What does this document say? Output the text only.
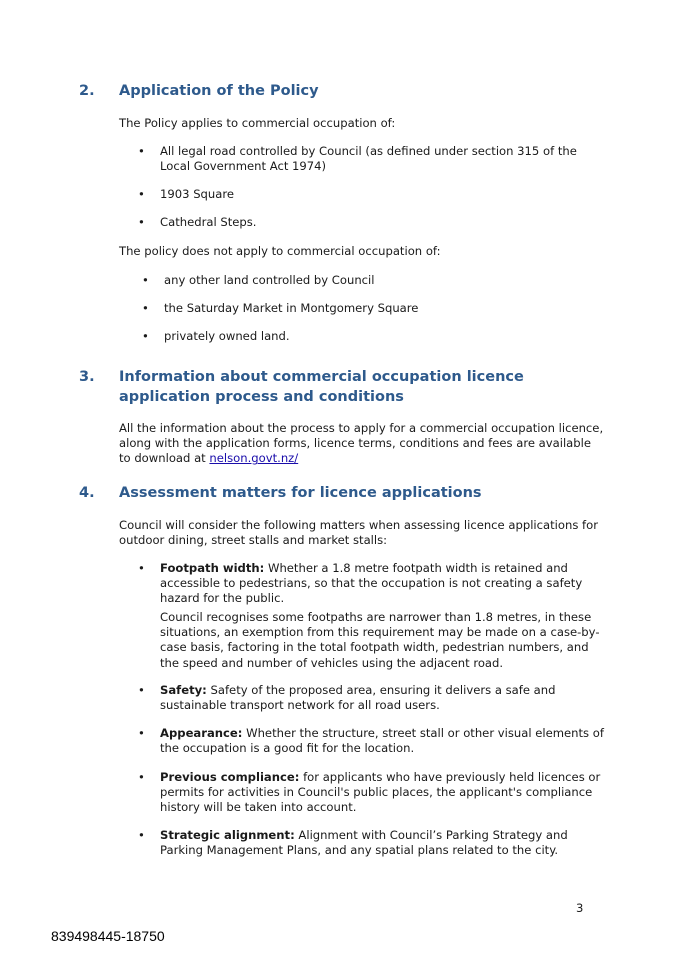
2. Application of the Policy

The Policy applies to commercial occupation of:

• All legal road controlled by Council (as defined under section 315 of the Local Government Act 1974)
• 1903 Square
• Cathedral Steps.

The policy does not apply to commercial occupation of:

• any other land controlled by Council
• the Saturday Market in Montgomery Square
• privately owned land.
3. Information about commercial occupation licence application process and conditions

All the information about the process to apply for a commercial occupation licence, along with the application forms, licence terms, conditions and fees are available to download at nelson.govt.nz/

4. Assessment matters for licence applications

Council will consider the following matters when assessing licence applications for outdoor dining, street stalls and market stalls:

• Footpath width: Whether a 1.8 metre footpath width is retained and accessible to pedestrians, so that the occupation is not creating a safety hazard for the public.

Council recognises some footpaths are narrower than 1.8 metres, in these situations, an exemption from this requirement may be made on a case-by-case basis, factoring in the total footpath width, pedestrian numbers, and the speed and number of vehicles using the adjacent road.

• Safety: Safety of the proposed area, ensuring it delivers a safe and sustainable transport network for all road users.
• Appearance: Whether the structure, street stall or other visual elements of the occupation is a good fit for the location.
• Previous compliance: for applicants who have previously held licences or permits for activities in Council's public places, the applicant's compliance history will be taken into account.
• Strategic alignment: Alignment with Council’s Parking Strategy and Parking Management Plans, and any spatial plans related to the city.
3
839498445-18750
